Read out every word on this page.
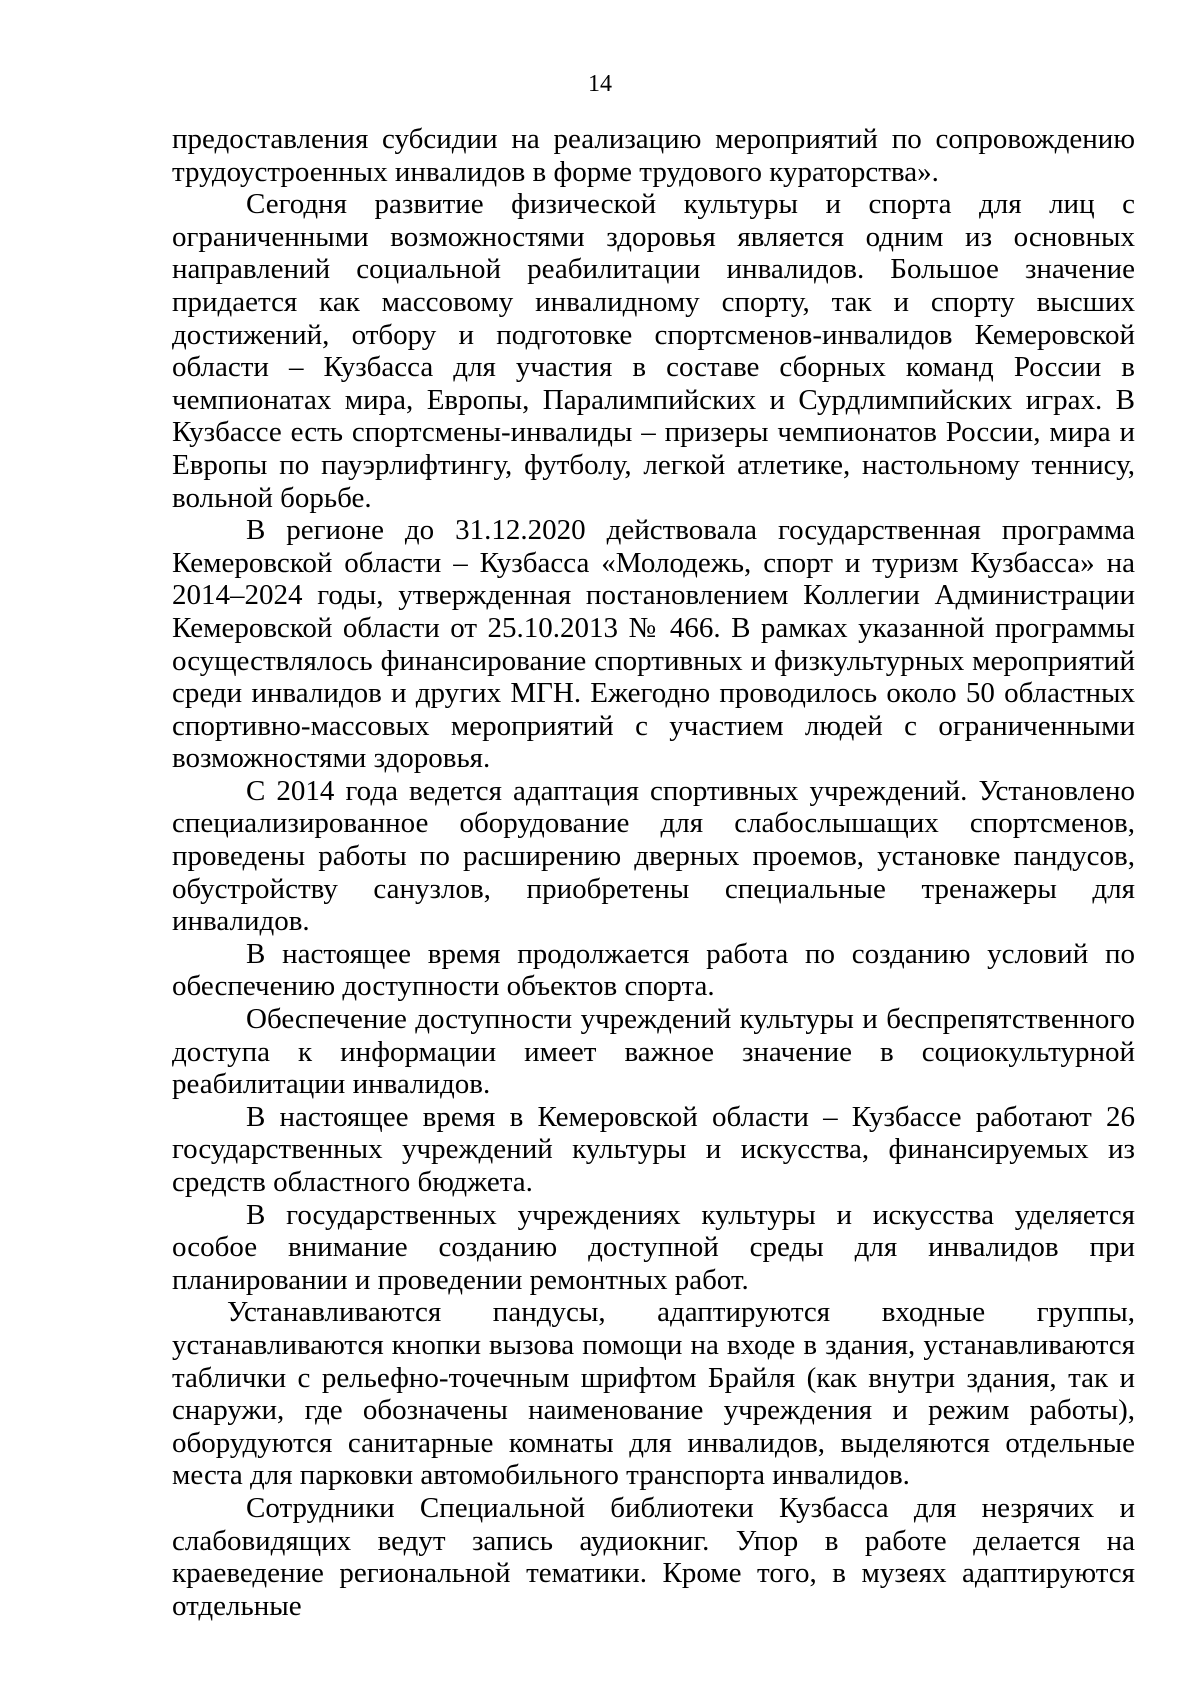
14

предоставления субсидии на реализацию мероприятий по сопровождению трудоустроенных инвалидов в форме трудового кураторства».

Сегодня развитие физической культуры и спорта для лиц с ограниченными возможностями здоровья является одним из основных направлений социальной реабилитации инвалидов. Большое значение придается как массовому инвалидному спорту, так и спорту высших достижений, отбору и подготовке спортсменов-инвалидов Кемеровской области – Кузбасса для участия в составе сборных команд России в чемпионатах мира, Европы, Паралимпийских и Сурдлимпийских играх. В Кузбассе есть спортсмены-инвалиды – призеры чемпионатов России, мира и Европы по пауэрлифтингу, футболу, легкой атлетике, настольному теннису, вольной борьбе.

В регионе до 31.12.2020 действовала государственная программа Кемеровской области – Кузбасса «Молодежь, спорт и туризм Кузбасса» на 2014–2024 годы, утвержденная постановлением Коллегии Администрации Кемеровской области от 25.10.2013 № 466. В рамках указанной программы осуществлялось финансирование спортивных и физкультурных мероприятий среди инвалидов и других МГН. Ежегодно проводилось около 50 областных спортивно-массовых мероприятий с участием людей с ограниченными возможностями здоровья.

С 2014 года ведется адаптация спортивных учреждений. Установлено специализированное оборудование для слабослышащих спортсменов, проведены работы по расширению дверных проемов, установке пандусов, обустройству санузлов, приобретены специальные тренажеры для инвалидов.

В настоящее время продолжается работа по созданию условий по обеспечению доступности объектов спорта.

Обеспечение доступности учреждений культуры и беспрепятственного доступа к информации имеет важное значение в социокультурной реабилитации инвалидов.

В настоящее время в Кемеровской области – Кузбассе работают 26 государственных учреждений культуры и искусства, финансируемых из средств областного бюджета.

В государственных учреждениях культуры и искусства уделяется особое внимание созданию доступной среды для инвалидов при планировании и проведении ремонтных работ.

Устанавливаются пандусы, адаптируются входные группы, устанавливаются кнопки вызова помощи на входе в здания, устанавливаются таблички с рельефно-точечным шрифтом Брайля (как внутри здания, так и снаружи, где обозначены наименование учреждения и режим работы), оборудуются санитарные комнаты для инвалидов, выделяются отдельные места для парковки автомобильного транспорта инвалидов.

Сотрудники Специальной библиотеки Кузбасса для незрячих и слабовидящих ведут запись аудиокниг. Упор в работе делается на краеведение региональной тематики. Кроме того, в музеях адаптируются отдельные
